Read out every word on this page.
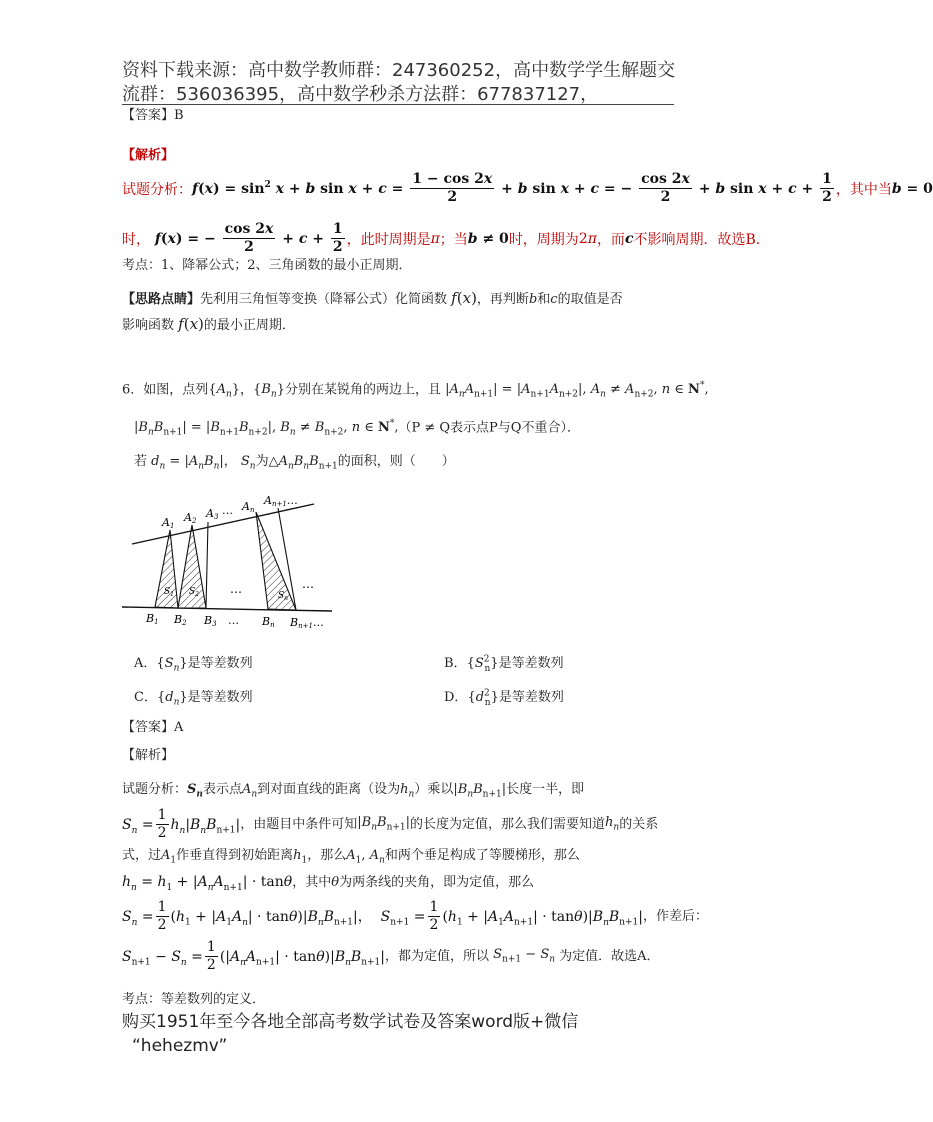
资料下载来源：高中数学教师群：247360252，高中数学学生解题交
流群：536036395，高中数学秒杀方法群：677837127，
【答案】B
【解析】
试题分析： $f(x) = \sin^2 x + b$ $\sin x + c = \frac{1 - \cos 2x}{2} + b$ sin x + c = − $\frac{\cos 2x}{2} + b$ $\sin x + c + \frac{1}{2}$ ，其中当 b = 0
时， f(x) = − $\frac{\cos 2x}{2} + c + \frac{1}{2}$ ，此时周期是 π ；当 b ≠ 0 时，周期为 2π ，而 c 不影响周期．故选B．
考点：1、降幂公式；2、三角函数的最小正周期．
【思路点睛】先利用三角恒等变换（降幂公式）化简函数 f(x)，再判断b和c的取值是否
影响函数 f(x)的最小正周期．
6．如图，点列$\{A_n\}$，$\{B_n\}$分别在某锐角的两边上，且 $|A_nA_{n+1}| = |A_{n+1}A_{n+2}|$, $A_n \ne A_{n+2}$, n ∈ N*,
$|B_nB_{n+1}| = |B_{n+1}B_{n+2}|$, $B_n \ne B_{n+2}$, n ∈ N*,（P ≠ Q表示点P与Q不重合）．
若 $d_n = |A_nB_n|$， $S_n$为$\triangle A_nB_nB_{n+1}$的面积，则（　　）
A1
A2
A3 … An
An+1…
$S_1$ $S_2$	$S_n$
…	…
B1 B2 B3 … Bn Bn+1…
A．$\{S_n\}$是等差数列	B．$\{S^2_n\}$是等差数列
C．$\{d_n\}$是等差数列	D．$\{d^2_n\}$是等差数列
【答案】A
【解析】
试题分析：$S_n$表示点$A_n$到对面直线的距离（设为$h_n$）乘以$|B_nB_{n+1}|$长度一半，即
$S_n = \frac{1}{2} h_n|B_nB_{n+1}|$ ，由题目中条件可知 $|B_nB_{n+1}|$ 的长度为定值，那么我们需要知道 $h_n$ 的关系
式，过$A_1$作垂直得到初始距离$h_1$，那么$A_1$, $A_n$和两个垂足构成了等腰梯形，那么
$h_n = h_1 + |A_nA_{n+1}| \cdot \tan\theta$，其中θ为两条线的夹角，即为定值，那么
$S_n = \frac{1}{2} (h_1 + |A_1A_n| \cdot \tan\theta)|B_nB_{n+1}|$， $S_{n+1} = \frac{1}{2} (h_1 + |A_1A_{n+1}| \cdot \tan\theta)|B_nB_{n+1}|$ ，作差后：
$S_{n+1} - S_n = \frac{1}{2} (|A_nA_{n+1}| \cdot \tan\theta)|B_nB_{n+1}|$ ，都为定值，所以 $S_{n+1} - S_n$ 为定值．故选A．
考点：等差数列的定义．
购买1951年至今各地全部高考数学试卷及答案word版+微信
“hehezmv”
